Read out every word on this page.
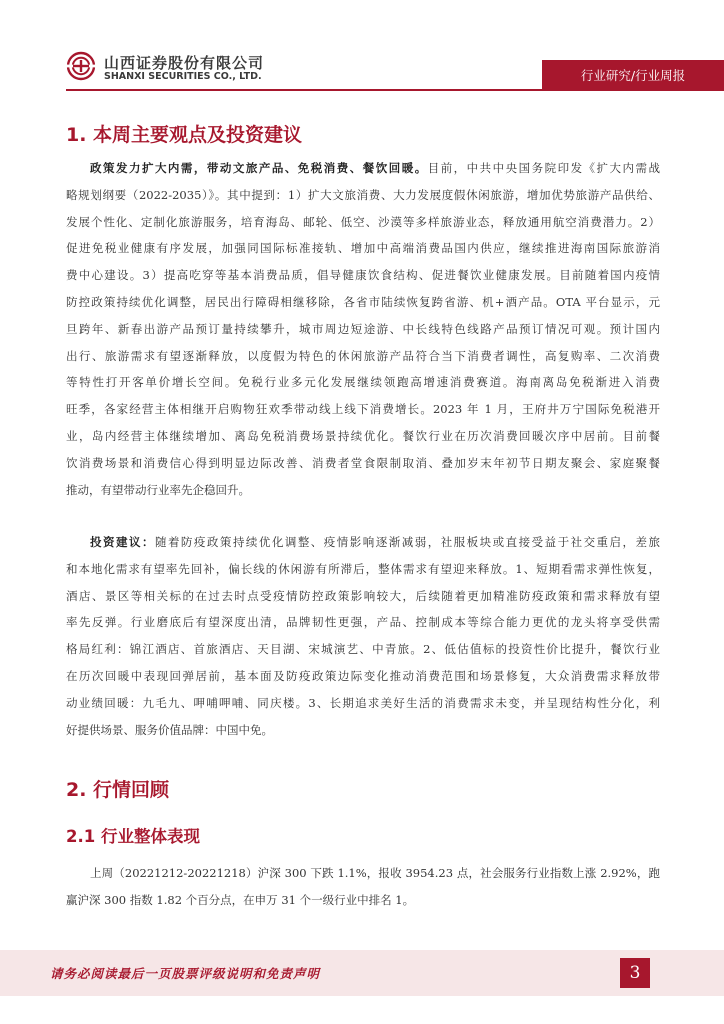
山西证券股份有限公司
SHANXI SECURITIES CO., LTD.	行业研究/行业周报
1. 本周主要观点及投资建议
政策发力扩大内需，带动文旅产品、免税消费、餐饮回暖。目前，中共中央国务院印发《扩大内需战
略规划纲要（2022-2035）》。其中提到：1）扩大文旅消费、大力发展度假休闲旅游，增加优势旅游产品供给、
发展个性化、定制化旅游服务，培育海岛、邮轮、低空、沙漠等多样旅游业态，释放通用航空消费潜力。2）
促进免税业健康有序发展，加强同国际标准接轨、增加中高端消费品国内供应，继续推进海南国际旅游消
费中心建设。3）提高吃穿等基本消费品质，倡导健康饮食结构、促进餐饮业健康发展。目前随着国内疫情
防控政策持续优化调整，居民出行障碍相继移除，各省市陆续恢复跨省游、机+酒产品。OTA 平台显示，元
旦跨年、新春出游产品预订量持续攀升，城市周边短途游、中长线特色线路产品预订情况可观。预计国内
出行、旅游需求有望逐渐释放，以度假为特色的休闲旅游产品符合当下消费者调性，高复购率、二次消费
等特性打开客单价增长空间。免税行业多元化发展继续领跑高增速消费赛道。海南离岛免税渐进入消费
旺季，各家经营主体相继开启购物狂欢季带动线上线下消费增长。2023 年 1 月，王府井万宁国际免税港开
业，岛内经营主体继续增加、离岛免税消费场景持续优化。餐饮行业在历次消费回暖次序中居前。目前餐
饮消费场景和消费信心得到明显边际改善、消费者堂食限制取消、叠加岁末年初节日期友聚会、家庭聚餐
推动，有望带动行业率先企稳回升。
投资建议：随着防疫政策持续优化调整、疫情影响逐渐减弱，社服板块或直接受益于社交重启，差旅
和本地化需求有望率先回补，偏长线的休闲游有所滞后，整体需求有望迎来释放。1、短期看需求弹性恢复，
酒店、景区等相关标的在过去时点受疫情防控政策影响较大，后续随着更加精准防疫政策和需求释放有望
率先反弹。行业磨底后有望深度出清，品牌韧性更强，产品、控制成本等综合能力更优的龙头将享受供需
格局红利：锦江酒店、首旅酒店、天目湖、宋城演艺、中青旅。2、低估值标的投资性价比提升，餐饮行业
在历次回暖中表现回弹居前，基本面及防疫政策边际变化推动消费范围和场景修复，大众消费需求释放带
动业绩回暖：九毛九、呷哺呷哺、同庆楼。3、长期追求美好生活的消费需求未变，并呈现结构性分化，利
好提供场景、服务价值品牌：中国中免。
2. 行情回顾
2.1 行业整体表现
上周（20221212-20221218）沪深 300 下跌 1.1%，报收 3954.23 点，社会服务行业指数上涨 2.92%，跑
赢沪深 300 指数 1.82 个百分点，在申万 31 个一级行业中排名 1。
请务必阅读最后一页股票评级说明和免责声明	3
